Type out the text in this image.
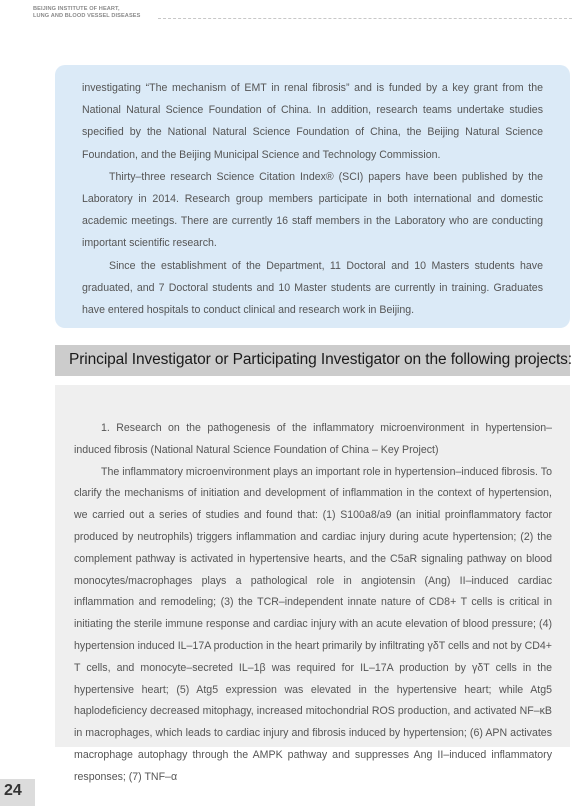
BEIJING INSTITUTE OF HEART,
LUNG AND BLOOD VESSEL DISEASES

investigating “The mechanism of EMT in renal fibrosis” and is funded by a key grant from the National Natural Science Foundation of China. In addition, research teams undertake studies specified by the National Natural Science Foundation of China, the Beijing Natural Science Foundation, and the Beijing Municipal Science and Technology Commission.

Thirty–three research Science Citation Index® (SCI) papers have been published by the Laboratory in 2014. Research group members participate in both international and domestic academic meetings. There are currently 16 staff members in the Laboratory who are conducting important scientific research.

Since the establishment of the Department, 11 Doctoral and 10 Masters students have graduated, and 7 Doctoral students and 10 Master students are currently in training. Graduates have entered hospitals to conduct clinical and research work in Beijing.

Principal Investigator or Participating Investigator on the following projects:

1. Research on the pathogenesis of the inflammatory microenvironment in hypertension–induced fibrosis (National Natural Science Foundation of China – Key Project)

The inflammatory microenvironment plays an important role in hypertension–induced fibrosis. To clarify the mechanisms of initiation and development of inflammation in the context of hypertension, we carried out a series of studies and found that: (1) S100a8/a9 (an initial proinflammatory factor produced by neutrophils) triggers inflammation and cardiac injury during acute hypertension; (2) the complement pathway is activated in hypertensive hearts, and the C5aR signaling pathway on blood monocytes/macrophages plays a pathological role in angiotensin (Ang) II–induced cardiac inflammation and remodeling; (3) the TCR–independent innate nature of CD8+ T cells is critical in initiating the sterile immune response and cardiac injury with an acute elevation of blood pressure; (4) hypertension induced IL–17A production in the heart primarily by infiltrating γδT cells and not by CD4+ T cells, and monocyte–secreted IL–1β was required for IL–17A production by γδT cells in the hypertensive heart; (5) Atg5 expression was elevated in the hypertensive heart; while Atg5 haplodeficiency decreased mitophagy, increased mitochondrial ROS production, and activated NF–κB in macrophages, which leads to cardiac injury and fibrosis induced by hypertension; (6) APN activates macrophage autophagy through the AMPK pathway and suppresses Ang II–induced inflammatory responses; (7) TNF–α

24
